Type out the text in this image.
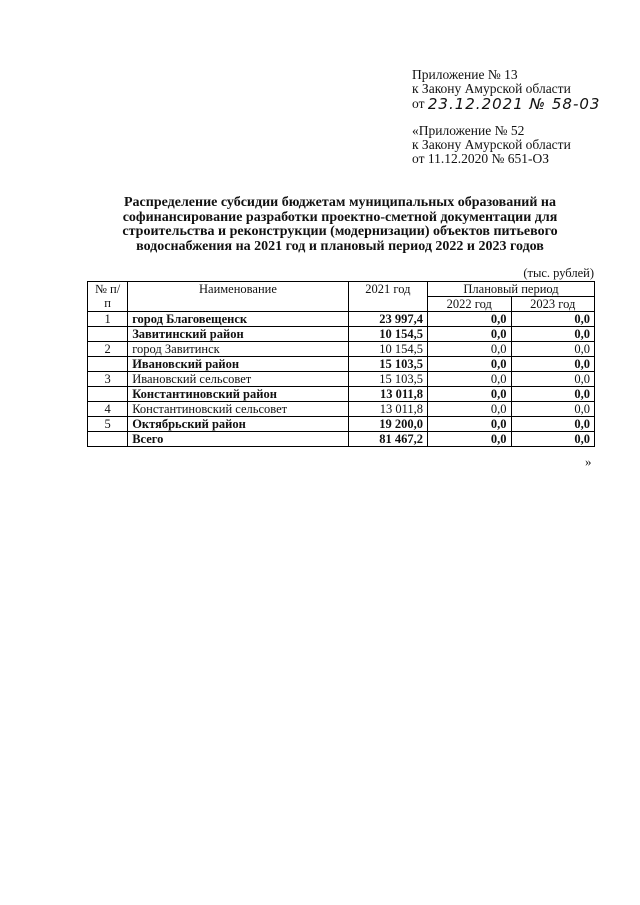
Приложение № 13
к Закону Амурской области
от 23.12.2021 № 58-03
«Приложение № 52
к Закону Амурской области
от 11.12.2020 № 651-ОЗ
Распределение субсидии бюджетам муниципальных образований на
софинансирование разработки проектно-сметной документации для
строительства и реконструкции (модернизации) объектов питьевого
водоснабжения на 2021 год и плановый период 2022 и 2023 годов
(тыс. рублей)
№ п/п	Наименование	2021 год	Плановый период	
			2022 год	2023 год
1	город Благовещенск	23 997,4	0,0	0,0
	Завитинский район	10 154,5	0,0	0,0
2	город Завитинск	10 154,5	0,0	0,0
	Ивановский район	15 103,5	0,0	0,0
3	Ивановский сельсовет	15 103,5	0,0	0,0
	Константиновский район	13 011,8	0,0	0,0
4	Константиновский сельсовет	13 011,8	0,0	0,0
5	Октябрьский район	19 200,0	0,0	0,0
	Всего	81 467,2	0,0	0,0
»
